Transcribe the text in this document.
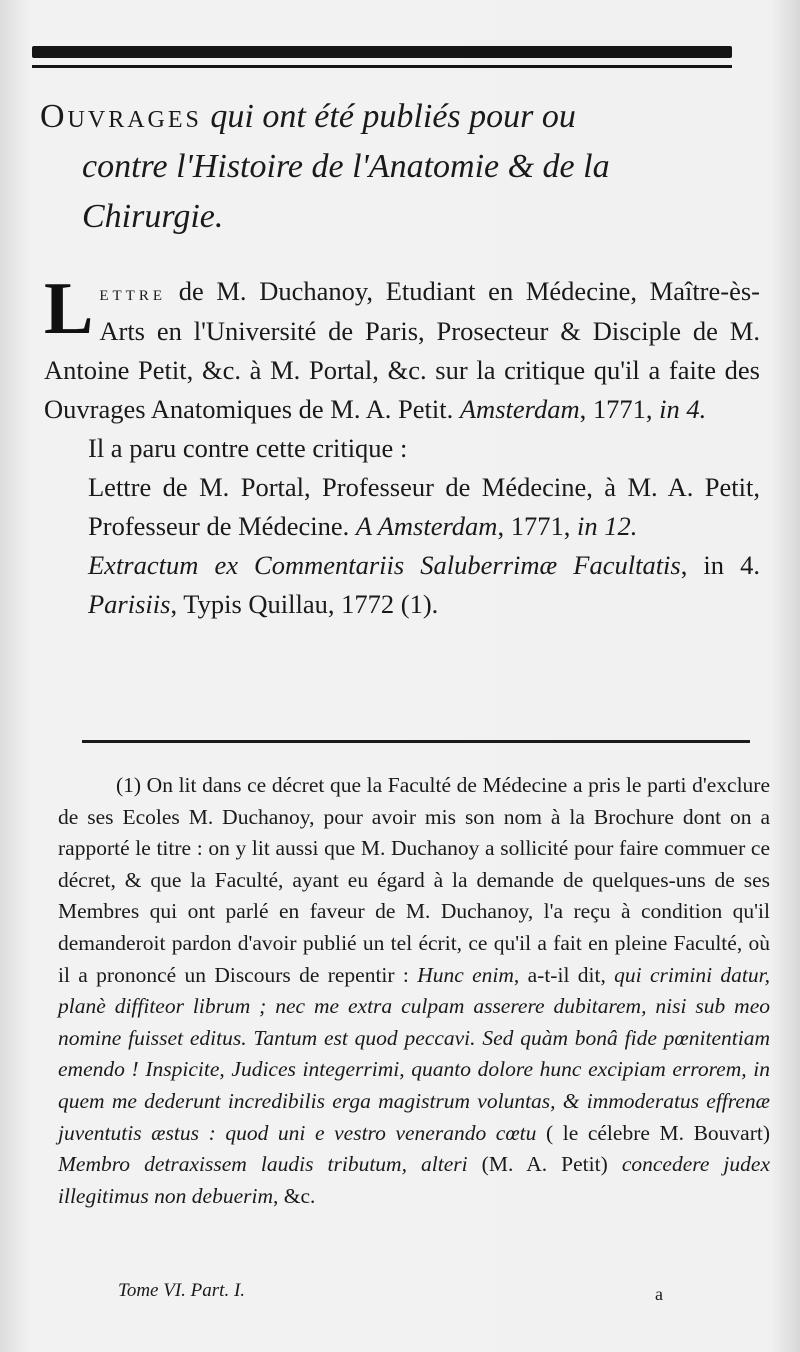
Ouvrages qui ont été publiés pour ou
contre l'Histoire de l'Anatomie & de la
Chirurgie.

Lettre de M. Duchanoy, Etudiant en Médecine, Maître-ès-Arts en l'Université de Paris, Prosecteur & Disciple de M. Antoine Petit, &c. à M. Portal, &c. sur la critique qu'il a faite des Ouvrages Anatomiques de M. A. Petit. Amsterdam, 1771, in 4.

Il a paru contre cette critique :

Lettre de M. Portal, Professeur de Médecine, à M. A. Petit, Professeur de Médecine. A Amsterdam, 1771, in 12.

Extractum ex Commentariis Saluberrimæ Facultatis, in 4. Parisiis, Typis Quillau, 1772 (1).

(1) On lit dans ce décret que la Faculté de Médecine a pris le parti d'exclure de ses Ecoles M. Duchanoy, pour avoir mis son nom à la Brochure dont on a rapporté le titre : on y lit aussi que M. Duchanoy a sollicité pour faire commuer ce décret, & que la Faculté, ayant eu égard à la demande de quelques-uns de ses Membres qui ont parlé en faveur de M. Duchanoy, l'a reçu à condition qu'il demanderoit pardon d'avoir publié un tel écrit, ce qu'il a fait en pleine Faculté, où il a prononcé un Discours de repentir : Hunc enim, a-t-il dit, qui crimini datur, planè diffiteor librum ; nec me extra culpam asserere dubitarem, nisi sub meo nomine fuisset editus. Tantum est quod peccavi. Sed quàm bonâ fide pœnitentiam emendo ! Inspicite, Judices integerrimi, quanto dolore hunc excipiam errorem, in quem me dederunt incredibilis erga magistrum voluntas, & immoderatus effrenæ juventutis æstus : quod uni e vestro venerando cœtu ( le célebre M. Bouvart) Membro detraxissem laudis tributum, alteri (M. A. Petit) concedere judex illegitimus non debuerim, &c.

Tome VI. Part. I.	a
